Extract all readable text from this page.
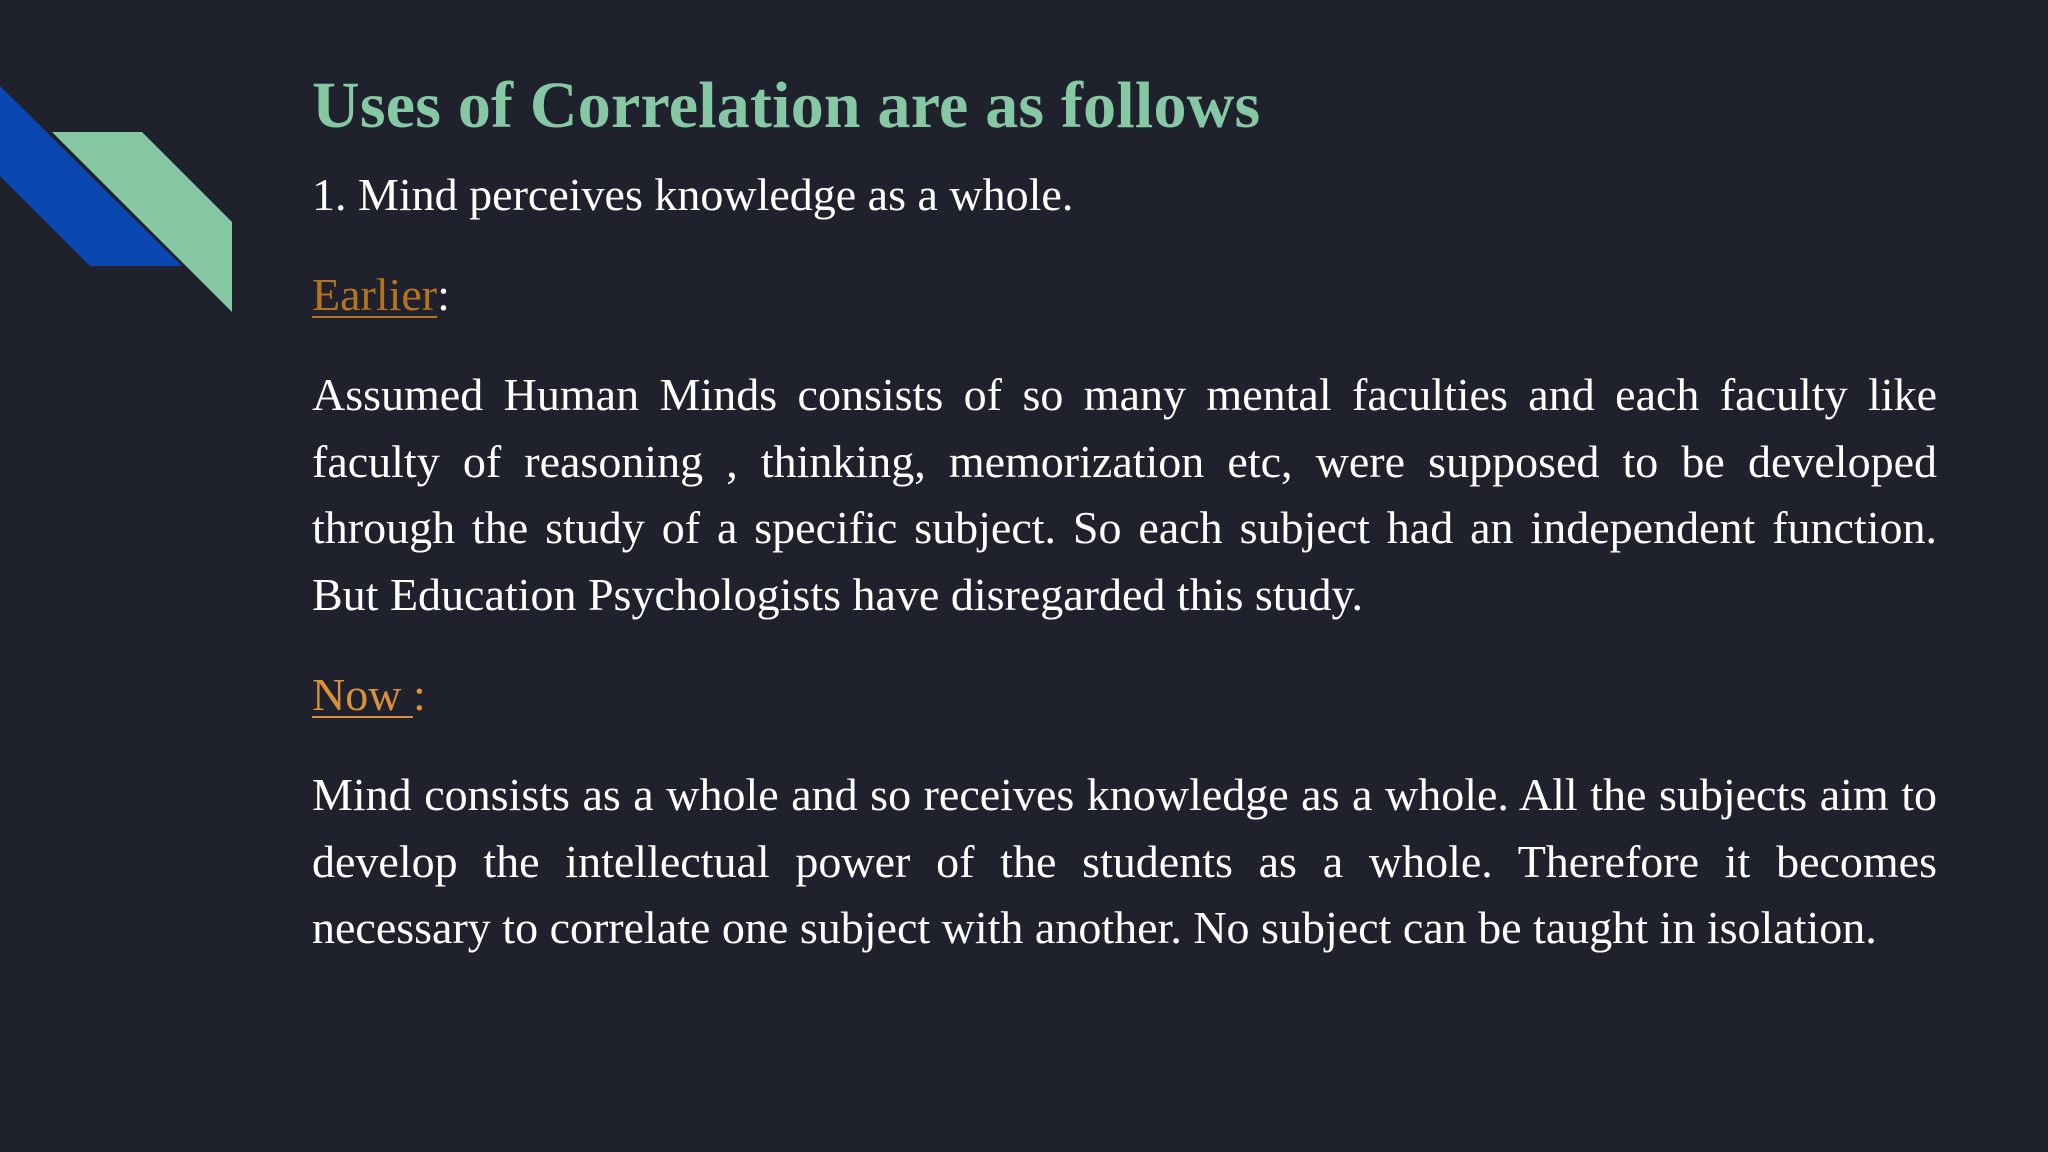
Uses of Correlation are as follows

1. Mind perceives knowledge as a whole.

Earlier:

Assumed Human Minds consists of so many mental faculties and each faculty like faculty of reasoning , thinking, memorization etc, were supposed to be developed through the study of a specific subject. So each subject had an independent function. But Education Psychologists have disregarded this study.

Now :

Mind consists as a whole and so receives knowledge as a whole. All the subjects aim to develop the intellectual power of the students as a whole. Therefore it becomes necessary to correlate one subject with another. No subject can be taught in isolation.
